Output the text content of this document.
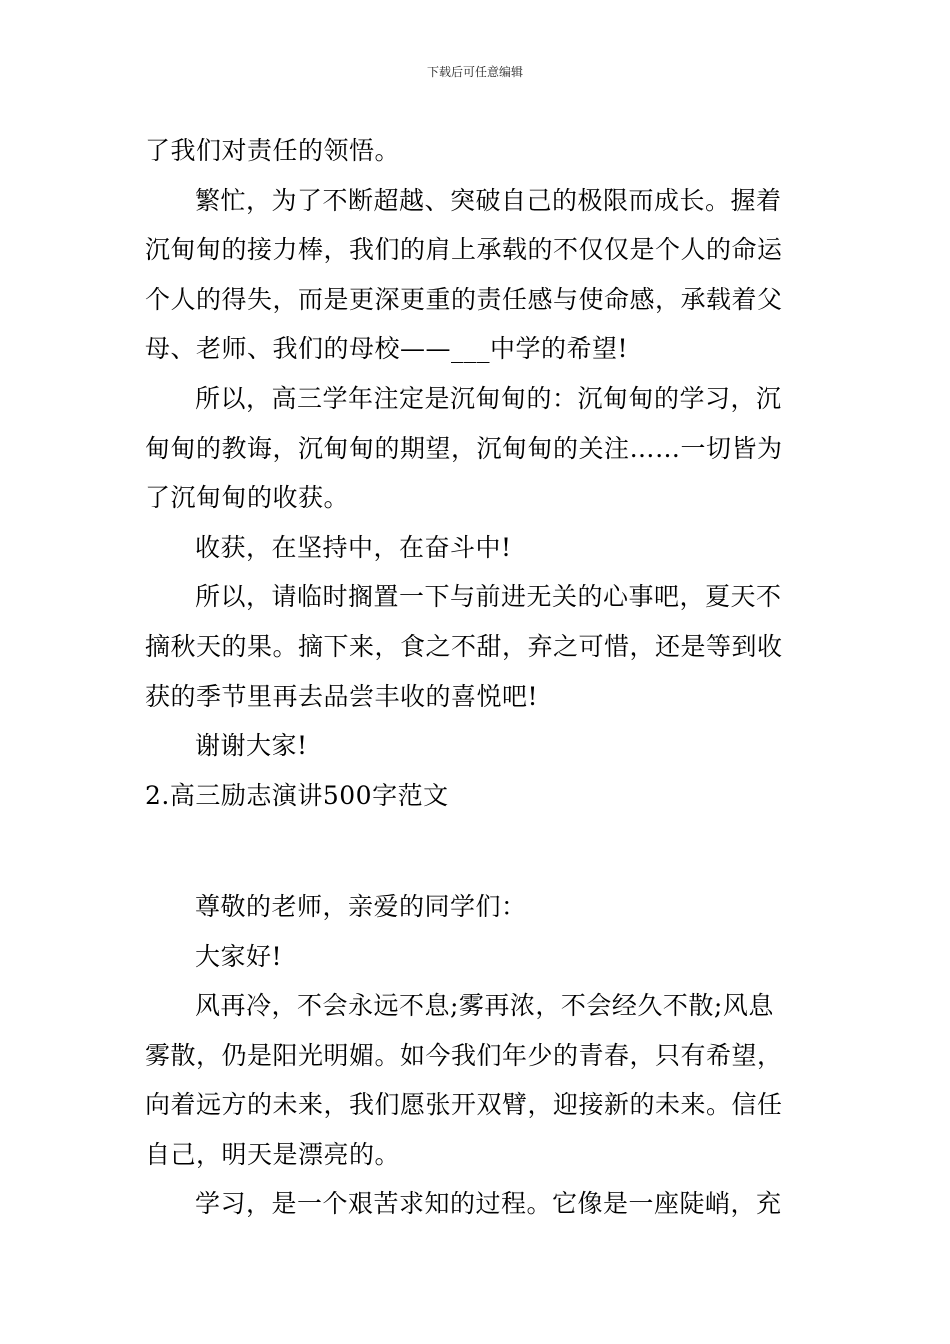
下载后可任意编辑
了我们对责任的领悟。
繁忙，为了不断超越、突破自己的极限而成长。握着
沉甸甸的接力棒，我们的肩上承载的不仅仅是个人的命运
个人的得失，而是更深更重的责任感与使命感，承载着父
母、老师、我们的母校——___中学的希望!
所以，高三学年注定是沉甸甸的：沉甸甸的学习，沉
甸甸的教诲，沉甸甸的期望，沉甸甸的关注……一切皆为
了沉甸甸的收获。
收获，在坚持中，在奋斗中!
所以，请临时搁置一下与前进无关的心事吧，夏天不
摘秋天的果。摘下来，食之不甜，弃之可惜，还是等到收
获的季节里再去品尝丰收的喜悦吧!
谢谢大家!
2.高三励志演讲500字范文
尊敬的老师，亲爱的同学们：
大家好!
风再冷，不会永远不息;雾再浓，不会经久不散;风息
雾散，仍是阳光明媚。如今我们年少的青春，只有希望，
向着远方的未来，我们愿张开双臂，迎接新的未来。信任
自己，明天是漂亮的。
学习，是一个艰苦求知的过程。它像是一座陡峭，充
